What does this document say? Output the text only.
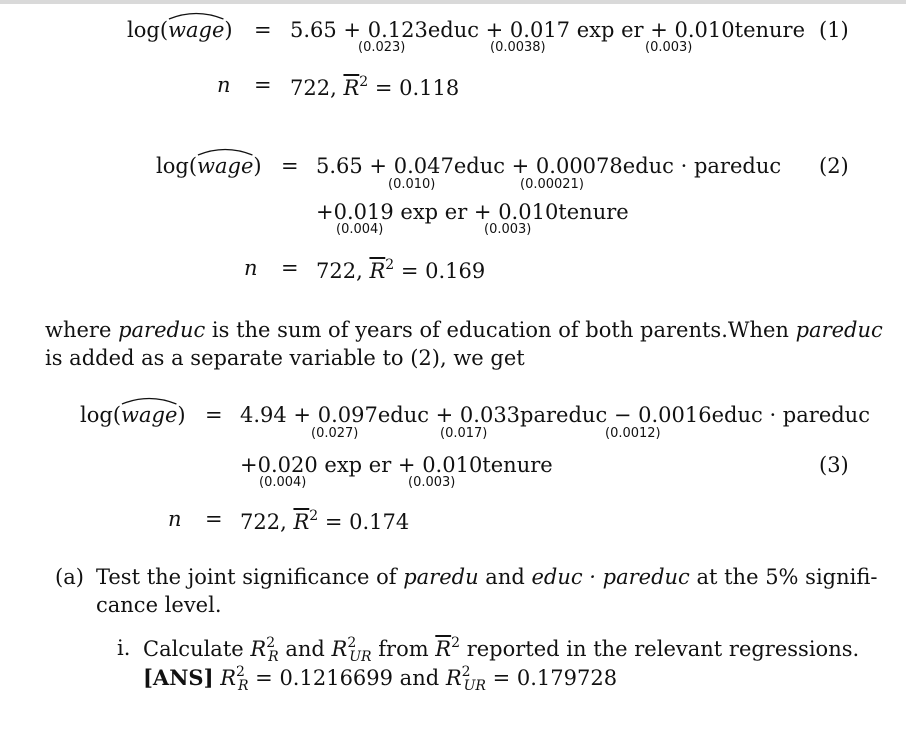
log(
wage) = 5.65 + 0.123educ + 0.017 exp er + 0.010tenure
(0.023)	(0.0038)	(0.003)
(1)
n = 722, $\overline{R}^2 = 0.118$
log(
wage) = 5.65 + 0.047educ + 0.00078educ · pareduc
(0.010)	(0.00021)
(2)
+0.019 exp er + 0.010tenure
(0.004)	(0.003)
n = 722, $\overline{R}^2 = 0.169$
where pareduc is the sum of years of education of both parents.When pareduc
is added as a separate variable to (2), we get
log(
wage) = 4.94 + 0.097educ + 0.033pareduc − 0.0016educ · pareduc
(0.027)	(0.017)	(0.0012)
+0.020 exp er + 0.010tenure
(0.004)	(0.003)
(3)
n = 722, $\overline{R}^2 = 0.174$
(a) Test the joint significance of paredu and educ · pareduc at the 5% signifi-
cance level.
i. Calculate $R^2_R$ and $R^2_{UR}$ from $\overline{R}^2$ reported in the relevant regressions.
[ANS] $R^2_R = 0.1216699$ and $R^2_{UR} = 0.179728$
